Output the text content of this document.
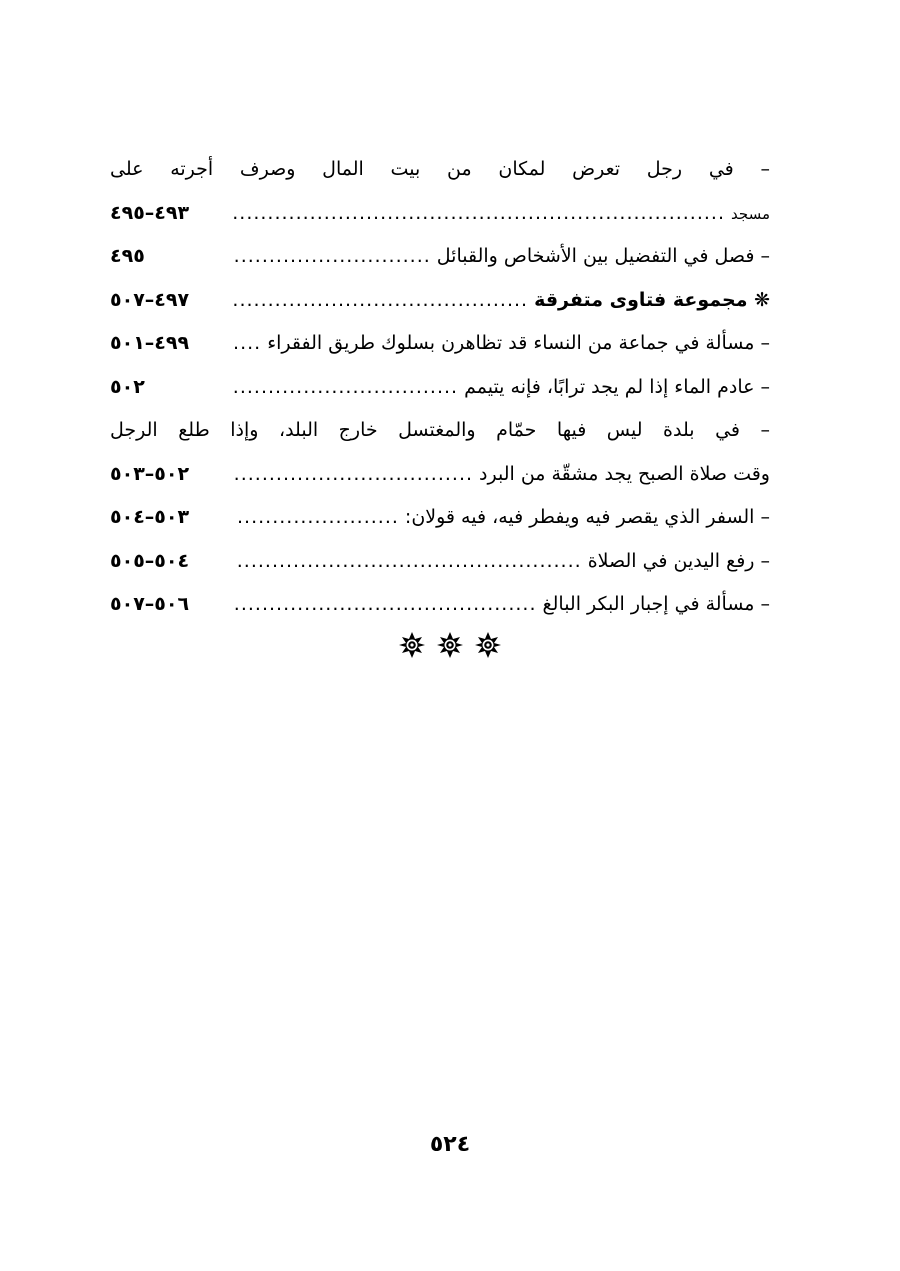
– في رجل تعرض لمكان من بيت المال وصرف أجرته على
مسجد
.....
٤٩٣–٤٩٥
– فصل في التفضيل بين الأشخاص والقبائل
.....
٤٩٥
❋ مجموعة فتاوى متفرقة
.....
٤٩٧–٥٠٧
– مسألة في جماعة من النساء قد تظاهرن بسلوك طريق الفقراء
.....
٤٩٩–٥٠١
– عادم الماء إذا لم يجد ترابًا، فإنه يتيمم
.....
٥٠٢
– في بلدة ليس فيها حمّام والمغتسل خارج البلد، وإذا طلع الرجل
وقت صلاة الصبح يجد مشقّة من البرد
.....
٥٠٢–٥٠٣
– السفر الذي يقصر فيه ويفطر فيه، فيه قولان:
.....
٥٠٣–٥٠٤
– رفع اليدين في الصلاة
.....
٥٠٤–٥٠٥
– مسألة في إجبار البكر البالغ
.....
٥٠٦–٥٠٧
٥٢٤
